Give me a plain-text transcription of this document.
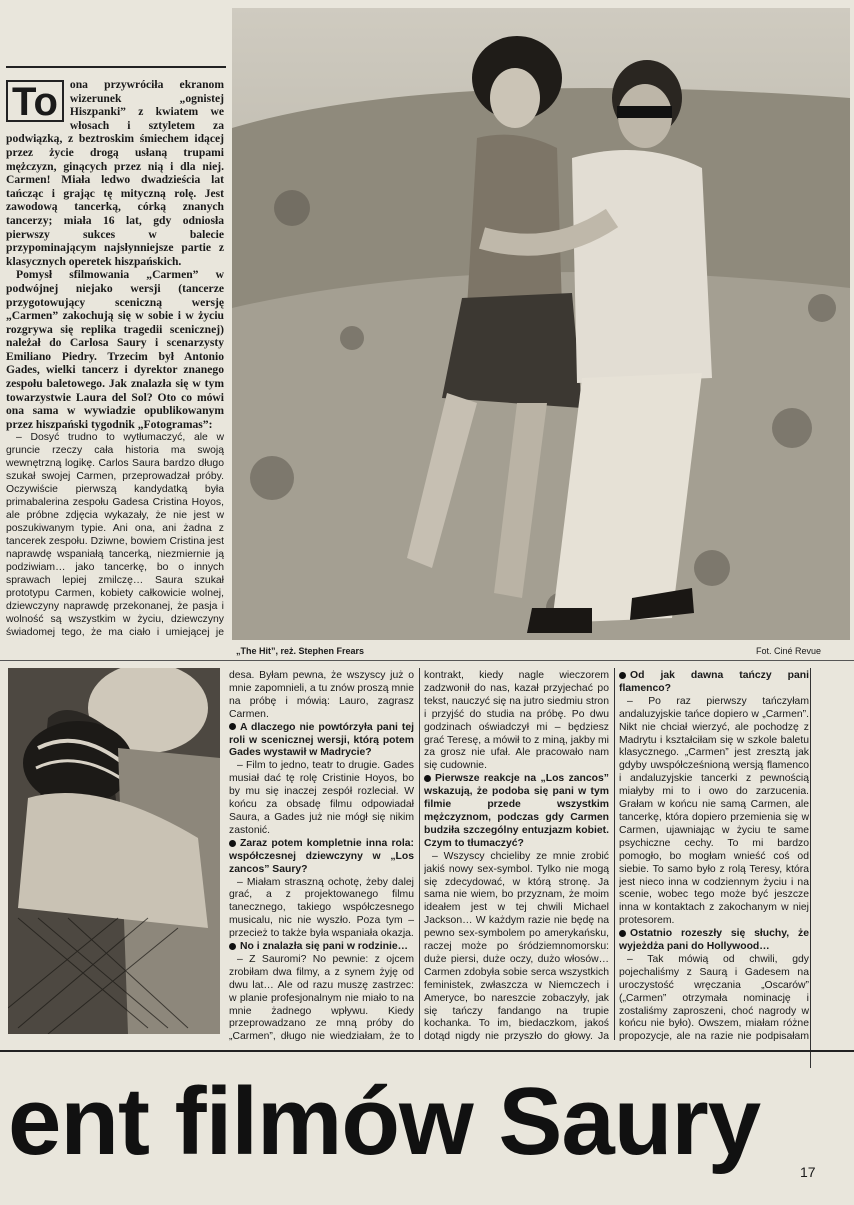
To	ona przywróciła ekranom wizerunek „ognistej Hiszpanki” z kwiatem we włosach i sztyletem za podwiązką, z beztroskim śmiechem idącej przez życie drogą usłaną trupami mężczyzn, ginących przez nią i dla niej. Carmen! Miała ledwo dwadzieścia lat tańcząc i grając tę mityczną rolę. Jest zawodową tancerką, córką znanych tancerzy; miała 16 lat, gdy odniosła pierwszy sukces w balecie przypominającym najsłynniejsze partie z klasycznych operetek hiszpańskich.

Pomysł sfilmowania „Carmen” w podwójnej niejako wersji (tancerze przygotowujący sceniczną wersję „Carmen” zakochują się w sobie i w życiu rozgrywa się replika tragedii scenicznej) należał do Carlosa Saury i scenarzysty Emiliano Piedry. Trzecim był Antonio Gades, wielki tancerz i dyrektor znanego zespołu baletowego. Jak znalazła się w tym towarzystwie Laura del Sol? Oto co mówi ona sama w wywiadzie opublikowanym przez hiszpański tygodnik „Fotogramas”:

– Dosyć trudno to wytłumaczyć, ale w gruncie rzeczy cała historia ma swoją wewnętrzną logikę. Carlos Saura bardzo długo szukał swojej Carmen, przeprowadzał próby. Oczywiście pierwszą kandydatką była primabalerina zespołu Gadesa Cristina Hoyos, ale próbne zdjęcia wykazały, że nie jest w poszukiwanym typie. Ani ona, ani żadna z tancerek zespołu. Dziwne, bowiem Cristina jest naprawdę wspaniałą tancerką, niezmiernie ją podziwiam… jako tancerkę, bo o innych sprawach lepiej zmilczę… Saura szukał prototypu Carmen, kobiety całkowicie wolnej, dziewczyny naprawdę przekonanej, że pasja i wolność są wszystkim w życiu, dziewczyny świadomej tego, że ma ciało i umiejącej je

„The Hit”, reż. Stephen Frears	Fot. Ciné Revue

desa. Byłam pewna, że wszyscy już o mnie zapomnieli, a tu znów proszą mnie na próbę i mówią: Lauro, zagrasz Carmen.

A dlaczego nie powtórzyła pani tej roli w scenicznej wersji, którą potem Gades wystawił w Madrycie?

– Film to jedno, teatr to drugie. Gades musiał dać tę rolę Cristinie Hoyos, bo by mu się inaczej zespół rozleciał. W końcu za obsadę filmu odpowiadał Saura, a Gades już nie mógł się nikim zastonić.

Zaraz potem kompletnie inna rola: współczesnej dziewczyny w „Los zancos” Saury?

– Miałam straszną ochotę, żeby dalej grać, a z projektowanego filmu tanecznego, takiego współczesnego musicalu, nic nie wyszło. Poza tym – przecież to także była wspaniała okazja.

No i znalazła się pani w rodzinie…

– Z Sauromi? No pewnie: z ojcem zrobiłam dwa filmy, a z synem żyję od dwu lat… Ale od razu muszę zastrzec: w planie profesjonalnym nie miało to na mnie żadnego wpływu. Kiedy przeprowadzano ze mną próby do „Carmen”, długo nie wiedziałam, że to

kontrakt, kiedy nagle wieczorem zadzwonił do nas, kazał przyjechać po tekst, nauczyć się na jutro siedmiu stron i przyjść do studia na próbę. Po dwu godzinach oświadczył mi – będziesz grać Teresę, a mówił to z miną, jakby mi za grosz nie ufał. Ale pracowało nam się cudownie.

Pierwsze reakcje na „Los zancos” wskazują, że podoba się pani w tym filmie przede wszystkim mężczyznom, podczas gdy Carmen budziła szczególny entuzjazm kobiet. Czym to tłumaczyć?

– Wszyscy chcieliby ze mnie zrobić jakiś nowy sex-symbol. Tylko nie mogą się zdecydować, w którą stronę. Ja sama nie wiem, bo przyznam, że moim ideałem jest w tej chwili Michael Jackson… W każdym razie nie będę na pewno sex-symbolem po amerykańsku, raczej może po śródziemnomorsku: duże piersi, duże oczy, dużo włosów… Carmen zdobyła sobie serca wszystkich feministek, zwłaszcza w Niemczech i Ameryce, bo nareszcie zobaczyły, jak się tańczy fandango na trupie kochanka. To im, biedaczkom, jakoś dotąd nigdy nie przyszło do głowy. Ja

Od jak dawna tańczy pani flamenco?

– Po raz pierwszy tańczyłam andaluzyjskie tańce dopiero w „Carmen”. Nikt nie chciał wierzyć, ale pochodzę z Madrytu i kształciłam się w szkole baletu klasycznego. „Carmen” jest zresztą jak gdyby uwspółcześnioną wersją flamenco i andaluzyjskie tancerki z pewnością miałyby mi to i owo do zarzucenia. Grałam w końcu nie samą Carmen, ale tancerkę, która dopiero przemienia się w Carmen, ujawniając w życiu te same psychiczne cechy. To mi bardzo pomogło, bo mogłam wnieść coś od siebie. To samo było z rolą Teresy, która jest nieco inna w codziennym życiu i na scenie, wobec tego może być jeszcze inna w kontaktach z zakochanym w niej protesorem.

Ostatnio rozeszły się słuchy, że wyjeżdża pani do Hollywood…

– Tak mówią od chwili, gdy pojechaliśmy z Saurą i Gadesem na uroczystość wręczania „Oscarów” („Carmen” otrzymała nominację i zostaliśmy zaproszeni, choć nagrody w końcu nie było). Owszem, miałam różne propozycje, ale na razie nie podpisałam

ent filmów Saury	17
